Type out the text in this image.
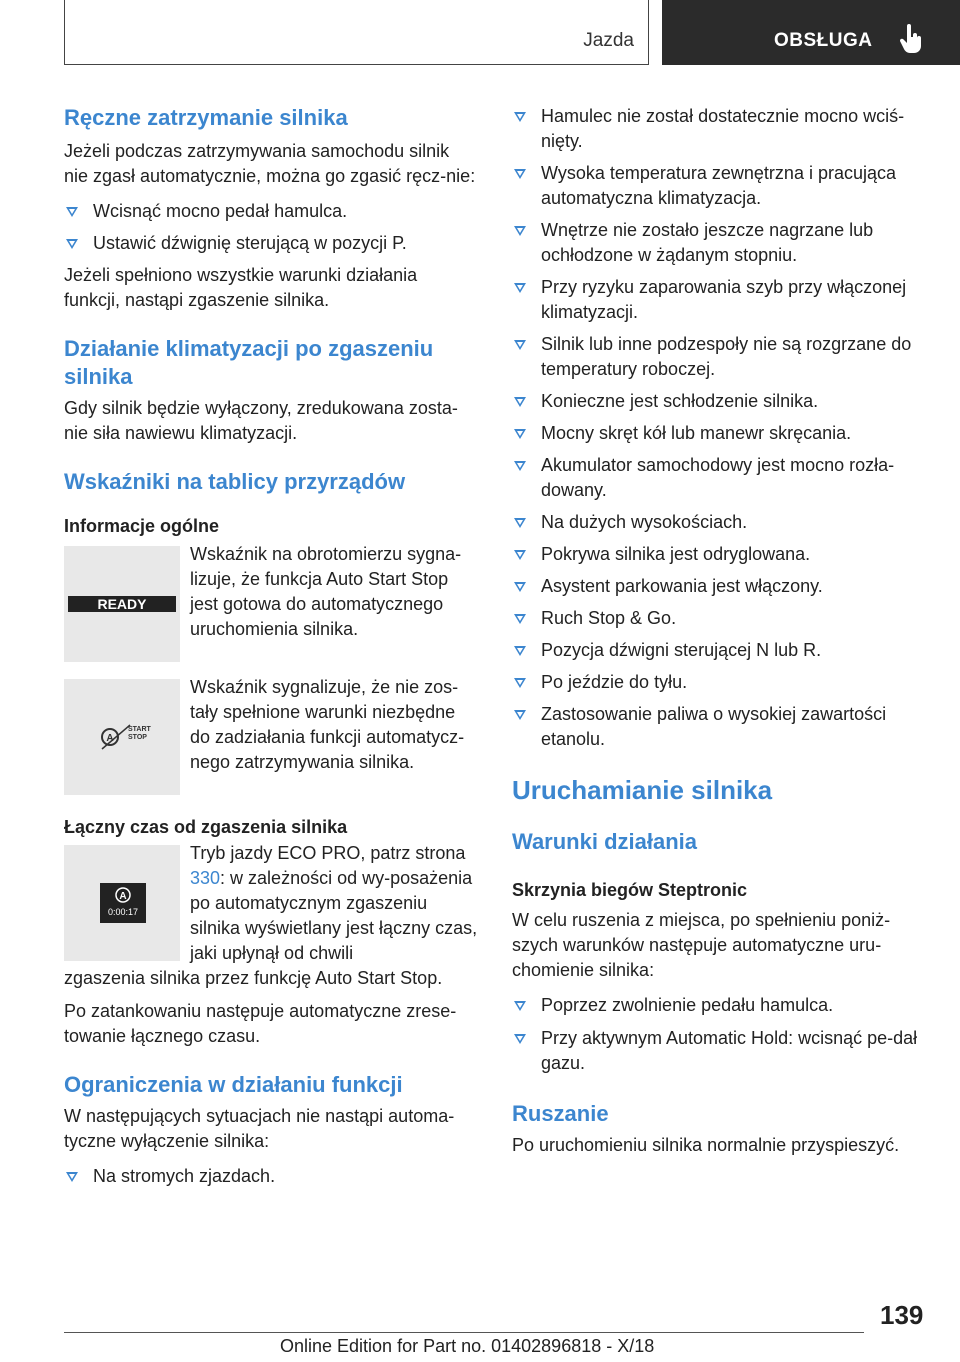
Jazda	OBSŁUGA
Ręczne zatrzymanie silnika

Jeżeli podczas zatrzymywania samochodu silnik nie zgasł automatycznie, można go zgasić ręcz-nie:

Wcisnąć mocno pedał hamulca.
Ustawić dźwignię sterującą w pozycji P.

Jeżeli spełniono wszystkie warunki działania funkcji, nastąpi zgaszenie silnika.

Działanie klimatyzacji po zgaszeniu silnika

Gdy silnik będzie wyłączony, zredukowana zosta-nie siła nawiewu klimatyzacji.

Wskaźniki na tablicy przyrządów
Informacje ogólne
READY

Wskaźnik na obrotomierzu sygna-lizuje, że funkcja Auto Start Stop jest gotowa do automatycznego uruchomienia silnika.

A
START
STOP

Wskaźnik sygnalizuje, że nie zos-tały spełnione warunki niezbędne do zadziałania funkcji automatycz-nego zatrzymywania silnika.

Łączny czas od zgaszenia silnika
A
0:00:17

Tryb jazdy ECO PRO, patrz strona 330: w zależności od wy-posażenia po automatycznym zgaszeniu silnika wyświetlany jest łączny czas, jaki upłynął od chwili

zgaszenia silnika przez funkcję Auto Start Stop.

Po zatankowaniu następuje automatyczne zrese-towanie łącznego czasu.

Ograniczenia w działaniu funkcji

W następujących sytuacjach nie nastąpi automa-tyczne wyłączenie silnika:

Na stromych zjazdach.
Hamulec nie został dostatecznie mocno wciś-nięty.
Wysoka temperatura zewnętrzna i pracująca automatyczna klimatyzacja.
Wnętrze nie zostało jeszcze nagrzane lub ochłodzone w żądanym stopniu.
Przy ryzyku zaparowania szyb przy włączonej klimatyzacji.
Silnik lub inne podzespoły nie są rozgrzane do temperatury roboczej.
Konieczne jest schłodzenie silnika.
Mocny skręt kół lub manewr skręcania.
Akumulator samochodowy jest mocno rozła-dowany.
Na dużych wysokościach.
Pokrywa silnika jest odryglowana.
Asystent parkowania jest włączony.
Ruch Stop & Go.
Pozycja dźwigni sterującej N lub R.
Po jeździe do tyłu.
Zastosowanie paliwa o wysokiej zawartości etanolu.
Uruchamianie silnika
Warunki działania
Skrzynia biegów Steptronic

W celu ruszenia z miejsca, po spełnieniu poniż-szych warunków następuje automatyczne uru-chomienie silnika:

Poprzez zwolnienie pedału hamulca.
Przy aktywnym Automatic Hold: wcisnąć pe-dał gazu.
Ruszanie

Po uruchomieniu silnika normalnie przyspieszyć.

139
Online Edition for Part no. 01402896818 - X/18
